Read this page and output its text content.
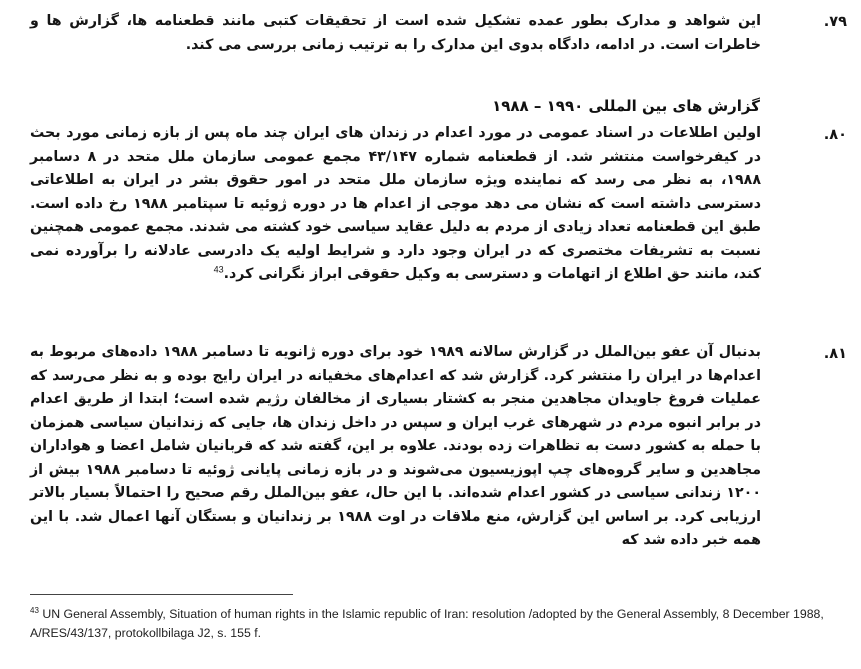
۷۹.
این شواهد و مدارک بطور عمده تشکیل شده است از تحقیقات کتبی مانند قطعنامه ها، گزارش ها و خاطرات است. در ادامه، دادگاه بدوی این مدارک را به ترتیب زمانی بررسی می کند.
گزارش های بین المللی ۱۹۹۰ – ۱۹۸۸
۸۰.
اولین اطلاعات در اسناد عمومی در مورد اعدام در زندان های ایران چند ماه پس از بازه زمانی مورد بحث در کیفرخواست منتشر شد. از قطعنامه شماره ۴۳/۱۴۷ مجمع عمومی سازمان ملل متحد در ۸ دسامبر ۱۹۸۸، به نظر می رسد که نماینده ویژه سازمان ملل متحد در امور حقوق بشر در ایران به اطلاعاتی دسترسی داشته است که نشان می دهد موجی از اعدام ها در دوره ژوئیه تا سپتامبر ۱۹۸۸ رخ داده است. طبق این قطعنامه تعداد زیادی از مردم به دلیل عقاید سیاسی خود کشته می شدند. مجمع عمومی همچنین نسبت به تشریفات مختصری که در ایران وجود دارد و شرایط اولیه یک دادرسی عادلانه را برآورده نمی کند، مانند حق اطلاع از اتهامات و دسترسی به وکیل حقوقی ابراز نگرانی کرد.$^{43}$
۸۱.
بدنبال آن عفو بین‌الملل در گزارش سالانه ۱۹۸۹ خود برای دوره ژانویه تا دسامبر ۱۹۸۸ داده‌های مربوط به اعدام‌ها در ایران را منتشر کرد. گزارش شد که اعدام‌های مخفیانه در ایران رایج بوده و به نظر می‌رسد که عملیات فروغ جاویدان مجاهدین منجر به کشتار بسیاری از مخالفان رژیم شده است؛ ابتدا از طریق اعدام در برابر انبوه مردم در شهرهای غرب ایران و سپس در داخل زندان ها، جایی که زندانیان سیاسی همزمان با حمله به کشور دست به تظاهرات زده بودند. علاوه بر این، گفته شد که قربانیان شامل اعضا و هواداران مجاهدین و سایر گروه‌های چپ اپوزیسیون می‌شوند و در بازه زمانی پایانی ژوئیه تا دسامبر ۱۹۸۸ بیش از ۱۲۰۰ زندانی سیاسی در کشور اعدام شده‌اند. با این حال، عفو بین‌الملل رقم صحیح را احتمالاً بسیار بالاتر ارزیابی کرد. بر اساس این گزارش، منع ملاقات در اوت ۱۹۸۸ بر زندانیان و بستگان آنها اعمال شد. با این همه خبر داده شد که
$^{43}$ UN General Assembly, Situation of human rights in the Islamic republic of Iran: resolution /adopted by the General Assembly, 8 December 1988, A/RES/43/137, protokollbilaga J2, s. 155 f.
